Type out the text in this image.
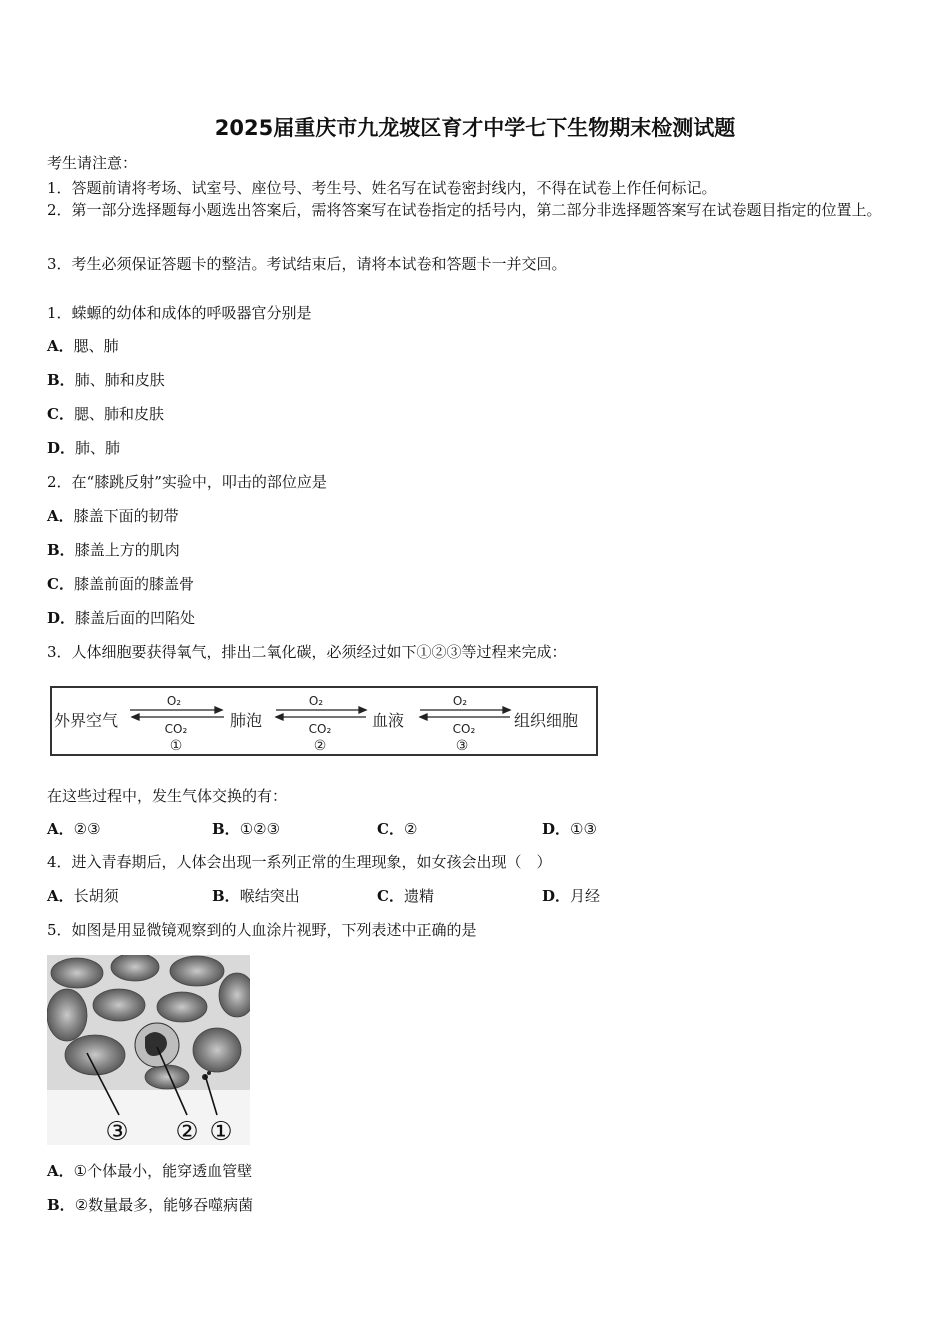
2025届重庆市九龙坡区育才中学七下生物期末检测试题
考生请注意：
1．答题前请将考场、试室号、座位号、考生号、姓名写在试卷密封线内，不得在试卷上作任何标记。
2．第一部分选择题每小题选出答案后，需将答案写在试卷指定的括号内，第二部分非选择题答案写在试卷题目指定的位置上。
3．考生必须保证答题卡的整洁。考试结束后，请将本试卷和答题卡一并交回。
1．蝾螈的幼体和成体的呼吸器官分别是
A．腮、肺
B．肺、肺和皮肤
C．腮、肺和皮肤
D．肺、肺
2．在“膝跳反射”实验中，叩击的部位应是
A．膝盖下面的韧带
B．膝盖上方的肌肉
C．膝盖前面的膝盖骨
D．膝盖后面的凹陷处
3．人体细胞要获得氧气，排出二氧化碳，必须经过如下①②③等过程来完成：
外界空气	肺泡	血液	组织细胞
O₂	O₂	O₂
CO₂	CO₂	CO₂
①	②	③
在这些过程中，发生气体交换的有：
A．②③	B．①②③	C．②	D．①③
4．进入青春期后，人体会出现一系列正常的生理现象，如女孩会出现（　）
A．长胡须	B．喉结突出	C．遗精	D．月经
5．如图是用显微镜观察到的人血涂片视野，下列表述中正确的是
③ ② ①
A．①个体最小，能穿透血管壁
B．②数量最多，能够吞噬病菌
